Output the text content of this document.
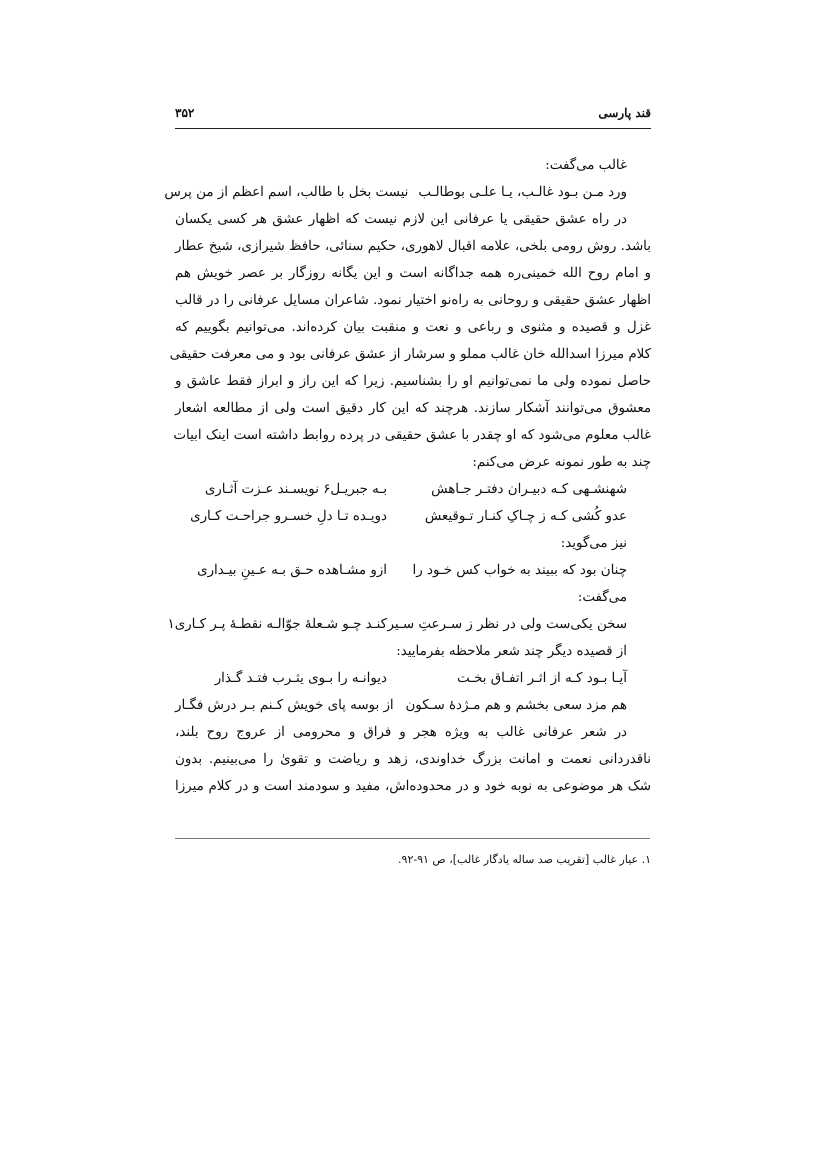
قند پارسی
۳۵۲
غالب می‌گفت:
ورد مـن بـود غالـب، یـا علـی بوطالـب
نیست بخل با طالب، اسم اعظم از من پرس
در راه عشق حقیقی یا عرفانی این لازم نیست که اظهار عشق هر کسی یکسان
باشد. روش رومی بلخی، علامه اقبال لاهوری، حکیم سنائی، حافظ شیرازی، شیخ عطار
و امام روح الله خمینی‌ره همه جداگانه است و این یگانه روزگار بر عصر خویش هم
اظهار عشق حقیقی و روحانی به راه‌نو اختیار نمود. شاعران مسایل عرفانی را در قالب
غزل و قصیده و مثنوی و رباعی و نعت و منقبت بیان کرده‌اند. می‌توانیم بگوییم که
کلام میرزا اسدالله خان غالب مملو و سرشار از عشق عرفانی بود و می معرفت حقیقی
حاصل نموده ولی ما نمی‌توانیم او را بشناسیم. زیرا که این راز و ابراز فقط عاشق و
معشوق می‌توانند آشکار سازند. هرچند که این کار دقیق است ولی از مطالعه اشعار
غالب معلوم می‌شود که او چقدر با عشق حقیقی در پرده روابط داشته است اینک ابیات
چند به طور نمونه عرض می‌کنم:
شهنشـهی کـه دبیـران دفتـر جـاهش
بـه جبریـل۶ نویسـند عـزت آثـاری
عدو کُشی کـه ز چـاکِ کنـار تـوقیعش
دویـده تـا دلِ خسـرو جراحـت کـاری
نیز می‌گوید:
چنان بود که ببیند به خواب کس خـود را
ازو مشـاهده حـق بـه عـینِ بیـداری
می‌گفت:
سخن یکی‌ست ولی در نظر ز سـرعتِ سـیر
کنـد چـو شـعلهٔ جوّالـه نقطـهٔ پـر کـاری۱
از قصیده دیگر چند شعر ملاحظه بفرمایید:
آیـا بـود کـه از اثـر اتفـاق بخـت
دیوانـه را بـوی یثـرب فتـد گـذار
هم مزد سعی بخشم و هم مـژدهٔ سـکون
از بوسه پای خویش کـنم بـر درش فگـار
در شعر عرفانی غالب به ویژه هجر و فراق و محرومی از عروج روح بلند،
ناقدردانی نعمت و امانت بزرگ خداوندی، زهد و ریاضت و تقویٰ را می‌بینیم. بدون
شک هر موضوعی به نوبه خود و در محدوده‌اش، مفید و سودمند است و در کلام میرزا
۱. عیار غالب [تقریب صد ساله یادگار غالب]، ص ۹۱-۹۲.
